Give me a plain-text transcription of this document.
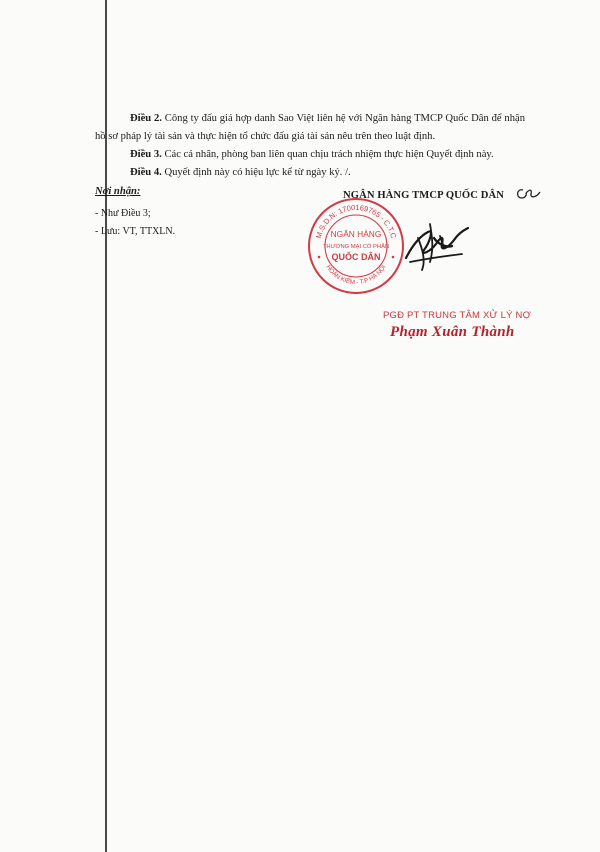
Điều 2. Công ty đấu giá hợp danh Sao Việt liên hệ với Ngân hàng TMCP Quốc Dân để nhận hồ sơ pháp lý tài sản và thực hiện tổ chức đấu giá tài sản nêu trên theo luật định.

Điều 3. Các cá nhân, phòng ban liên quan chịu trách nhiệm thực hiện Quyết định này.

Điều 4. Quyết định này có hiệu lực kể từ ngày ký. /.

Nơi nhận:
- Như Điều 3;
- Lưu: VT, TTXLN.
NGÂN HÀNG TMCP QUỐC DÂN
M.S.D.N: 1700169765 - C.T.C
HOÀN KIẾM - T.P HÀ NỘI
NGÂN HÀNG
THƯƠNG MẠI CỔ PHẦN
QUỐC DÂN
PGĐ PT TRUNG TÂM XỬ LÝ NỢ
Phạm Xuân Thành
